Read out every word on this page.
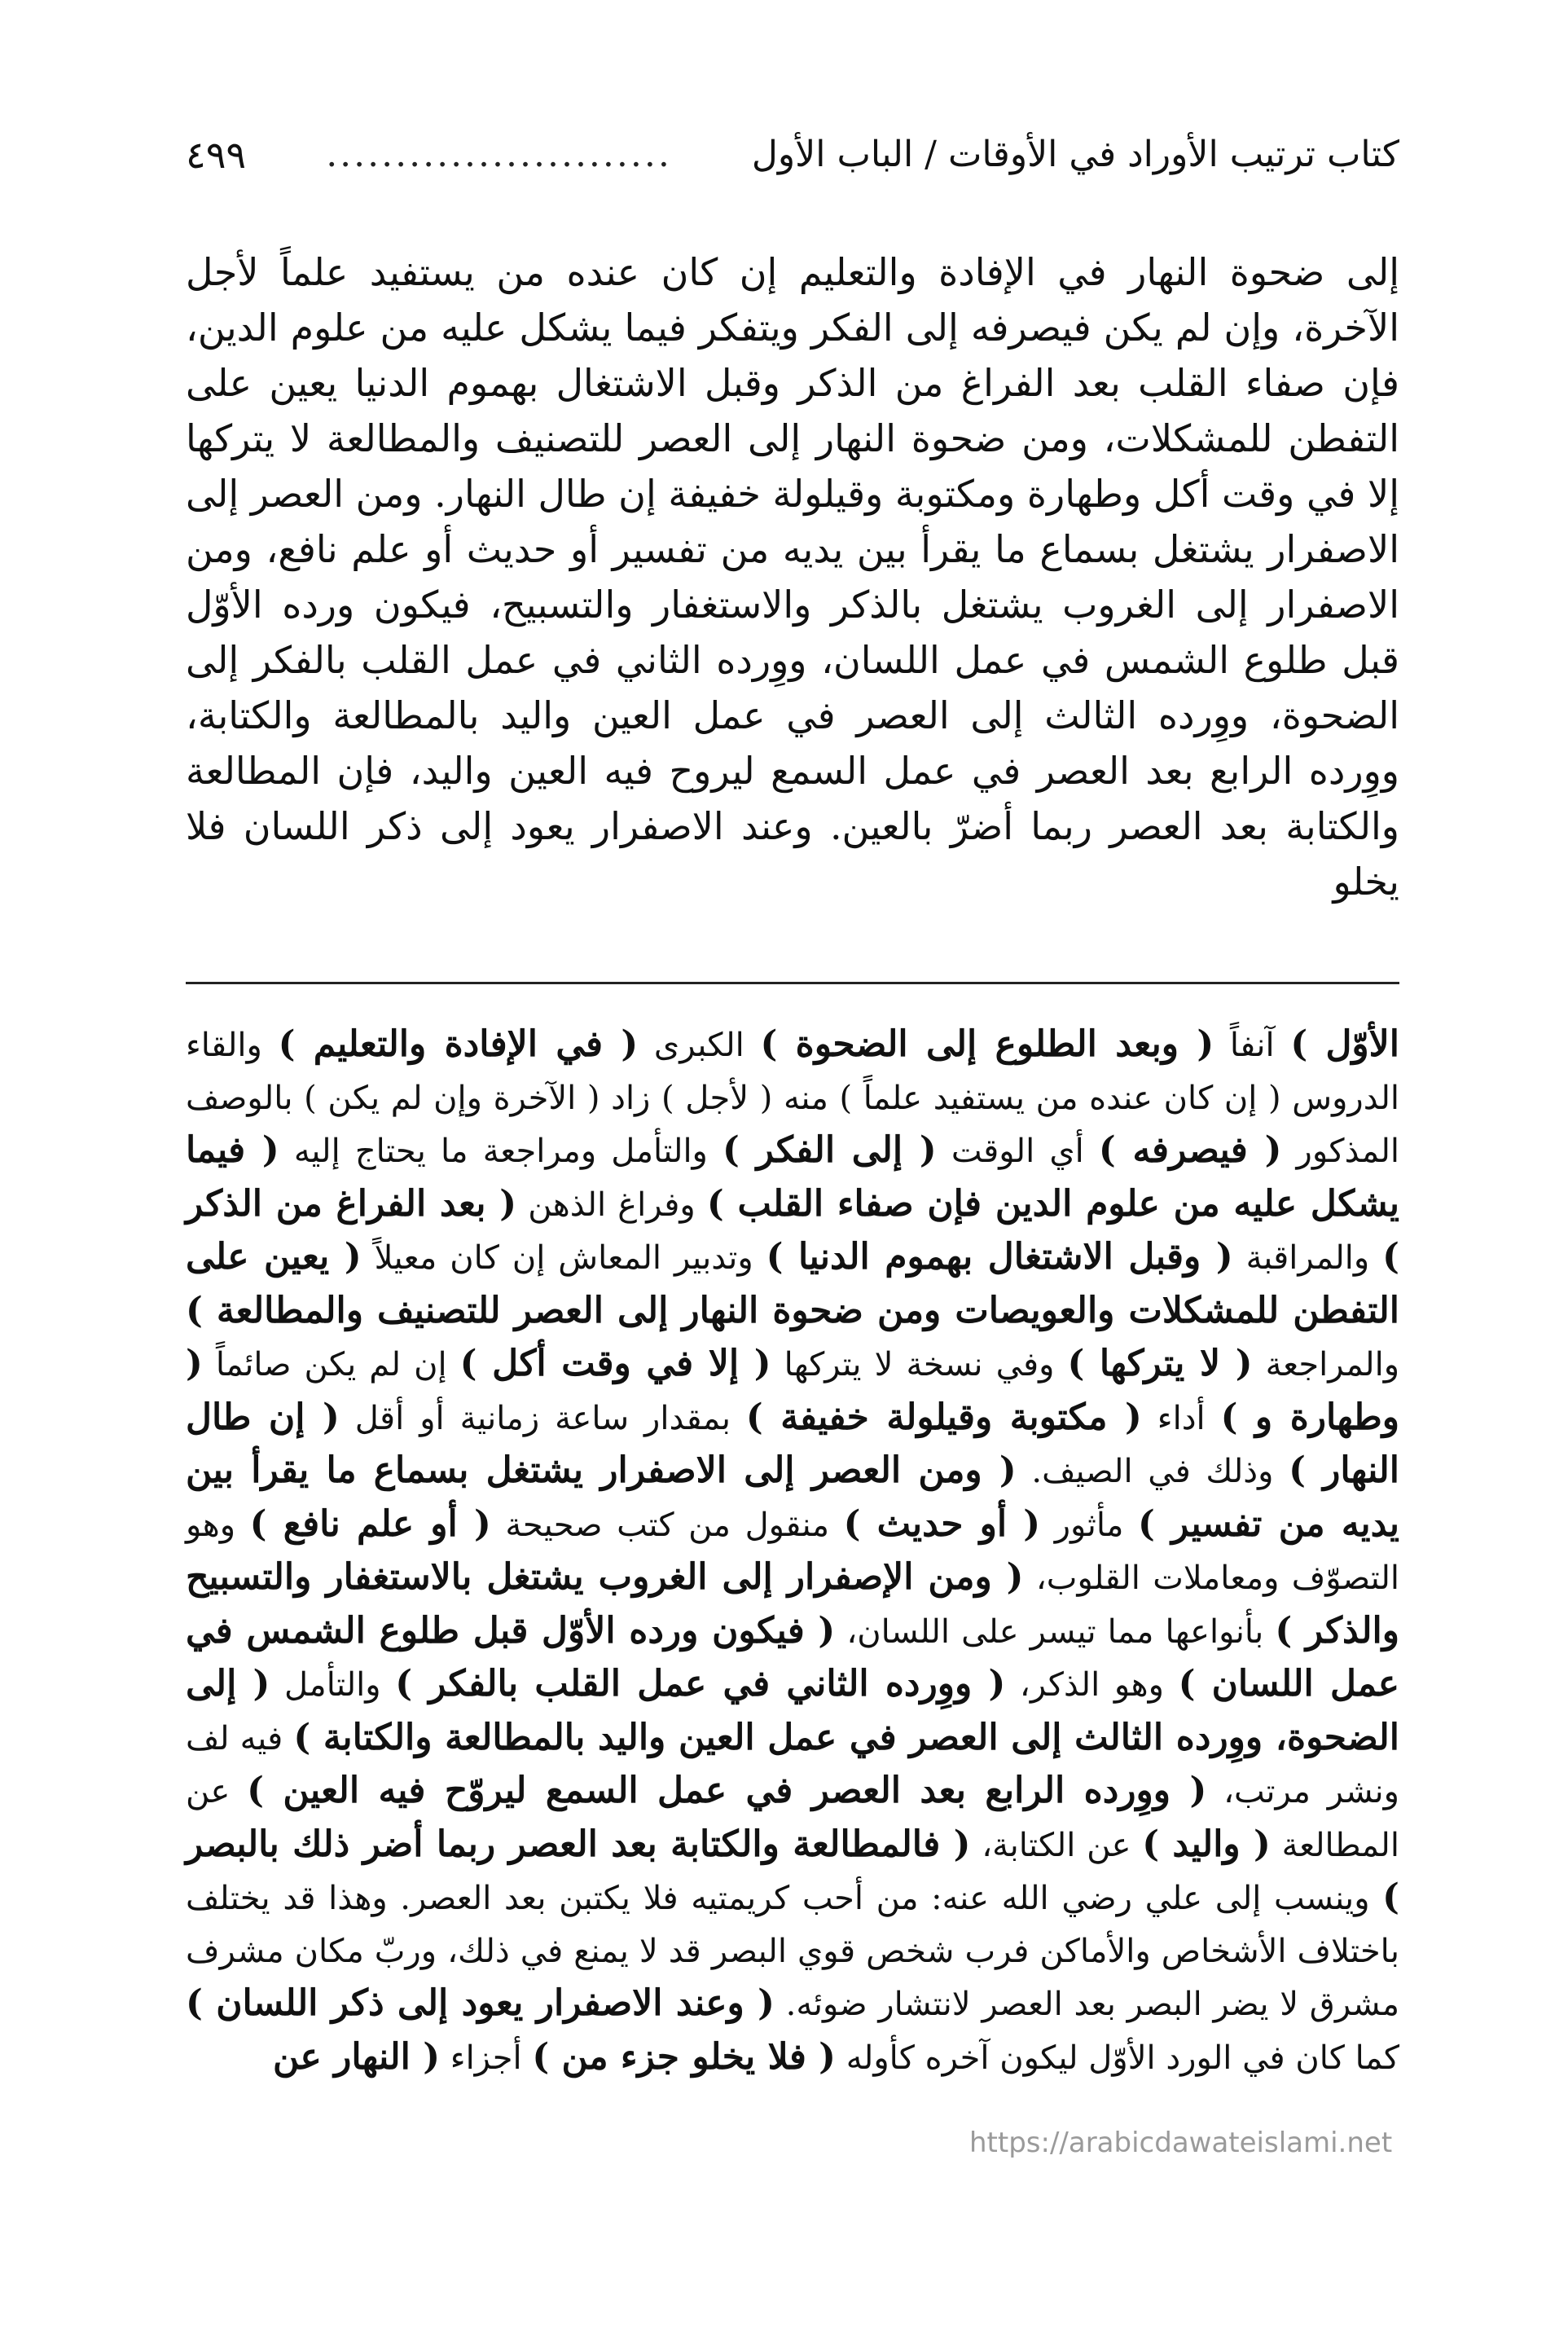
كتاب ترتيب الأوراد في الأوقات / الباب الأول
.........................
٤٩٩

إلى ضحوة النهار في الإفادة والتعليم إن كان عنده من يستفيد علماً لأجل الآخرة، وإن لم يكن فيصرفه إلى الفكر ويتفكر فيما يشكل عليه من علوم الدين، فإن صفاء القلب بعد الفراغ من الذكر وقبل الاشتغال بهموم الدنيا يعين على التفطن للمشكلات، ومن ضحوة النهار إلى العصر للتصنيف والمطالعة لا يتركها إلا في وقت أكل وطهارة ومكتوبة وقيلولة خفيفة إن طال النهار. ومن العصر إلى الاصفرار يشتغل بسماع ما يقرأ بين يديه من تفسير أو حديث أو علم نافع، ومن الاصفرار إلى الغروب يشتغل بالذكر والاستغفار والتسبيح، فيكون ورده الأوّل قبل طلوع الشمس في عمل اللسان، ووِرده الثاني في عمل القلب بالفكر إلى الضحوة، ووِرده الثالث إلى العصر في عمل العين واليد بالمطالعة والكتابة، ووِرده الرابع بعد العصر في عمل السمع ليروح فيه العين واليد، فإن المطالعة والكتابة بعد العصر ربما أضرّ بالعين. وعند الاصفرار يعود إلى ذكر اللسان فلا يخلو

الأوّل ) آنفاً ( وبعد الطلوع إلى الضحوة ) الكبرى ( في الإفادة والتعليم ) والقاء الدروس ( إن كان عنده من يستفيد علماً ) منه ( لأجل ) زاد ( الآخرة وإن لم يكن ) بالوصف المذكور ( فيصرفه ) أي الوقت ( إلى الفكر ) والتأمل ومراجعة ما يحتاج إليه ( فيما يشكل عليه من علوم الدين فإن صفاء القلب ) وفراغ الذهن ( بعد الفراغ من الذكر ) والمراقبة ( وقبل الاشتغال بهموم الدنيا ) وتدبير المعاش إن كان معيلاً ( يعين على التفطن للمشكلات والعويصات ومن ضحوة النهار إلى العصر للتصنيف والمطالعة ) والمراجعة ( لا يتركها ) وفي نسخة لا يتركها ( إلا في وقت أكل ) إن لم يكن صائماً ( وطهارة و ) أداء ( مكتوبة وقيلولة خفيفة ) بمقدار ساعة زمانية أو أقل ( إن طال النهار ) وذلك في الصيف. ( ومن العصر إلى الاصفرار يشتغل بسماع ما يقرأ بين يديه من تفسير ) مأثور ( أو حديث ) منقول من كتب صحيحة ( أو علم نافع ) وهو التصوّف ومعاملات القلوب، ( ومن الإصفرار إلى الغروب يشتغل بالاستغفار والتسبيح والذكر ) بأنواعها مما تيسر على اللسان، ( فيكون ورده الأوّل قبل طلوع الشمس في عمل اللسان ) وهو الذكر، ( ووِرده الثاني في عمل القلب بالفكر ) والتأمل ( إلى الضحوة، ووِرده الثالث إلى العصر في عمل العين واليد بالمطالعة والكتابة ) فيه لف ونشر مرتب، ( ووِرده الرابع بعد العصر في عمل السمع ليروّح فيه العين ) عن المطالعة ( واليد ) عن الكتابة، ( فالمطالعة والكتابة بعد العصر ربما أضر ذلك بالبصر ) وينسب إلى علي رضي الله عنه: من أحب كريمتيه فلا يكتبن بعد العصر. وهذا قد يختلف باختلاف الأشخاص والأماكن فرب شخص قوي البصر قد لا يمنع في ذلك، وربّ مكان مشرف مشرق لا يضر البصر بعد العصر لانتشار ضوئه. ( وعند الاصفرار يعود إلى ذكر اللسان ) كما كان في الورد الأوّل ليكون آخره كأوله ( فلا يخلو جزء من ) أجزاء ( النهار عن

https://arabicdawateislami.net
